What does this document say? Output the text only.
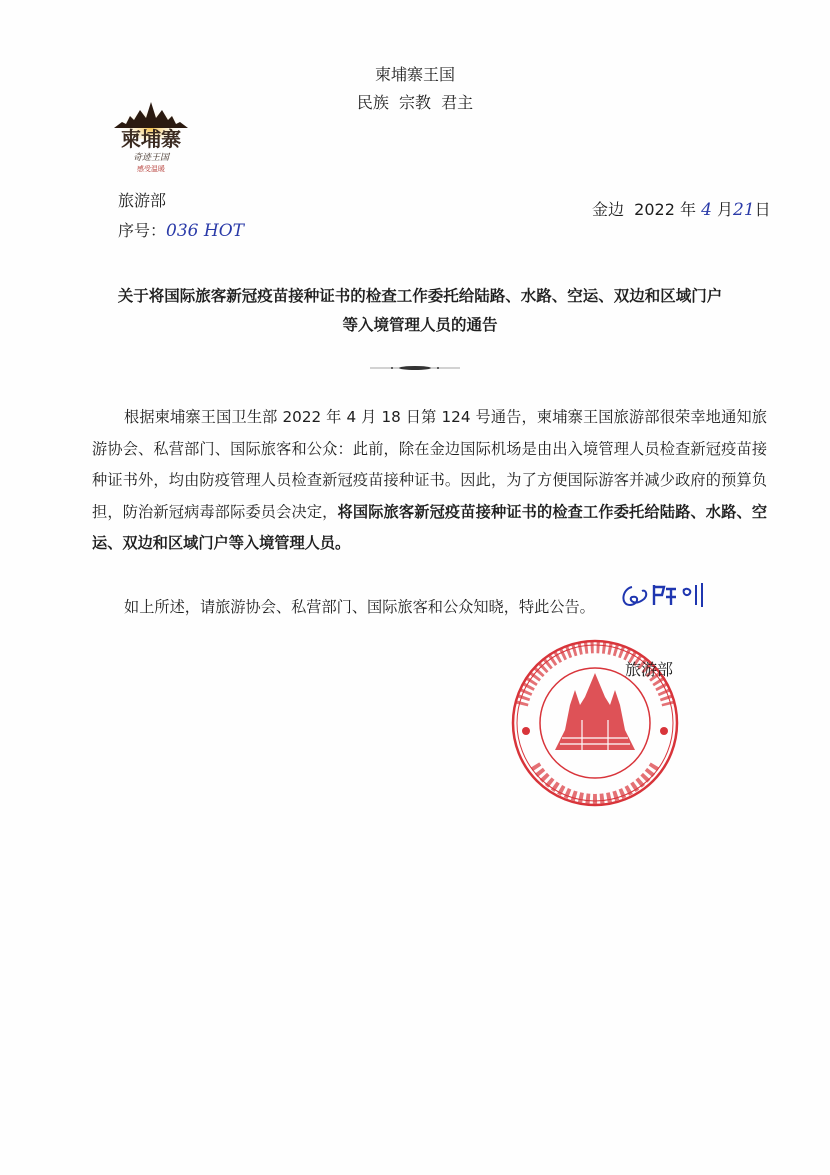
柬埔寨王国
民族  宗教  君主
柬埔寨
奇迹王国
感受温暖
旅游部
序号：036 HOT
金边  2022 年 4 月21日
关于将国际旅客新冠疫苗接种证书的检查工作委托给陆路、水路、空运、双边和区域门户
等入境管理人员的通告
根据柬埔寨王国卫生部 2022 年 4 月 18 日第 124 号通告，柬埔寨王国旅游部很荣幸地通知旅游协会、私营部门、国际旅客和公众：此前，除在金边国际机场是由出入境管理人员检查新冠疫苗接种证书外，均由防疫管理人员检查新冠疫苗接种证书。因此，为了方便国际游客并减少政府的预算负担，防治新冠病毒部际委员会决定，将国际旅客新冠疫苗接种证书的检查工作委托给陆路、水路、空运、双边和区域门户等入境管理人员。
如上所述，请旅游协会、私营部门、国际旅客和公众知晓，特此公告。
旅游部
